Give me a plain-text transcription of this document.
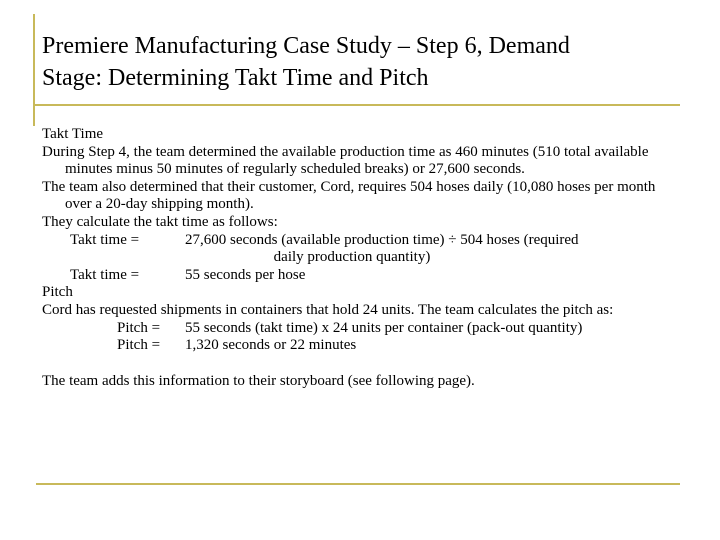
Premiere Manufacturing Case Study – Step 6, Demand
Stage: Determining Takt Time and Pitch
Takt Time
During Step 4, the team determined the available production time as 460 minutes (510 total available minutes minus 50 minutes of regularly scheduled breaks) or 27,600 seconds.
The team also determined that their customer, Cord, requires 504 hoses daily (10,080 hoses per month over a 20-day shipping month).
They calculate the takt time as follows:
Takt time =	27,600 seconds (available production time) ÷ 504 hoses (required
daily production quantity)
Takt time =	55 seconds per hose
Pitch
Cord has requested shipments in containers that hold 24 units. The team calculates the pitch as:
Pitch =	55 seconds (takt time) x 24 units per container (pack-out quantity)
Pitch =	1,320 seconds or 22 minutes
The team adds this information to their storyboard (see following page).
